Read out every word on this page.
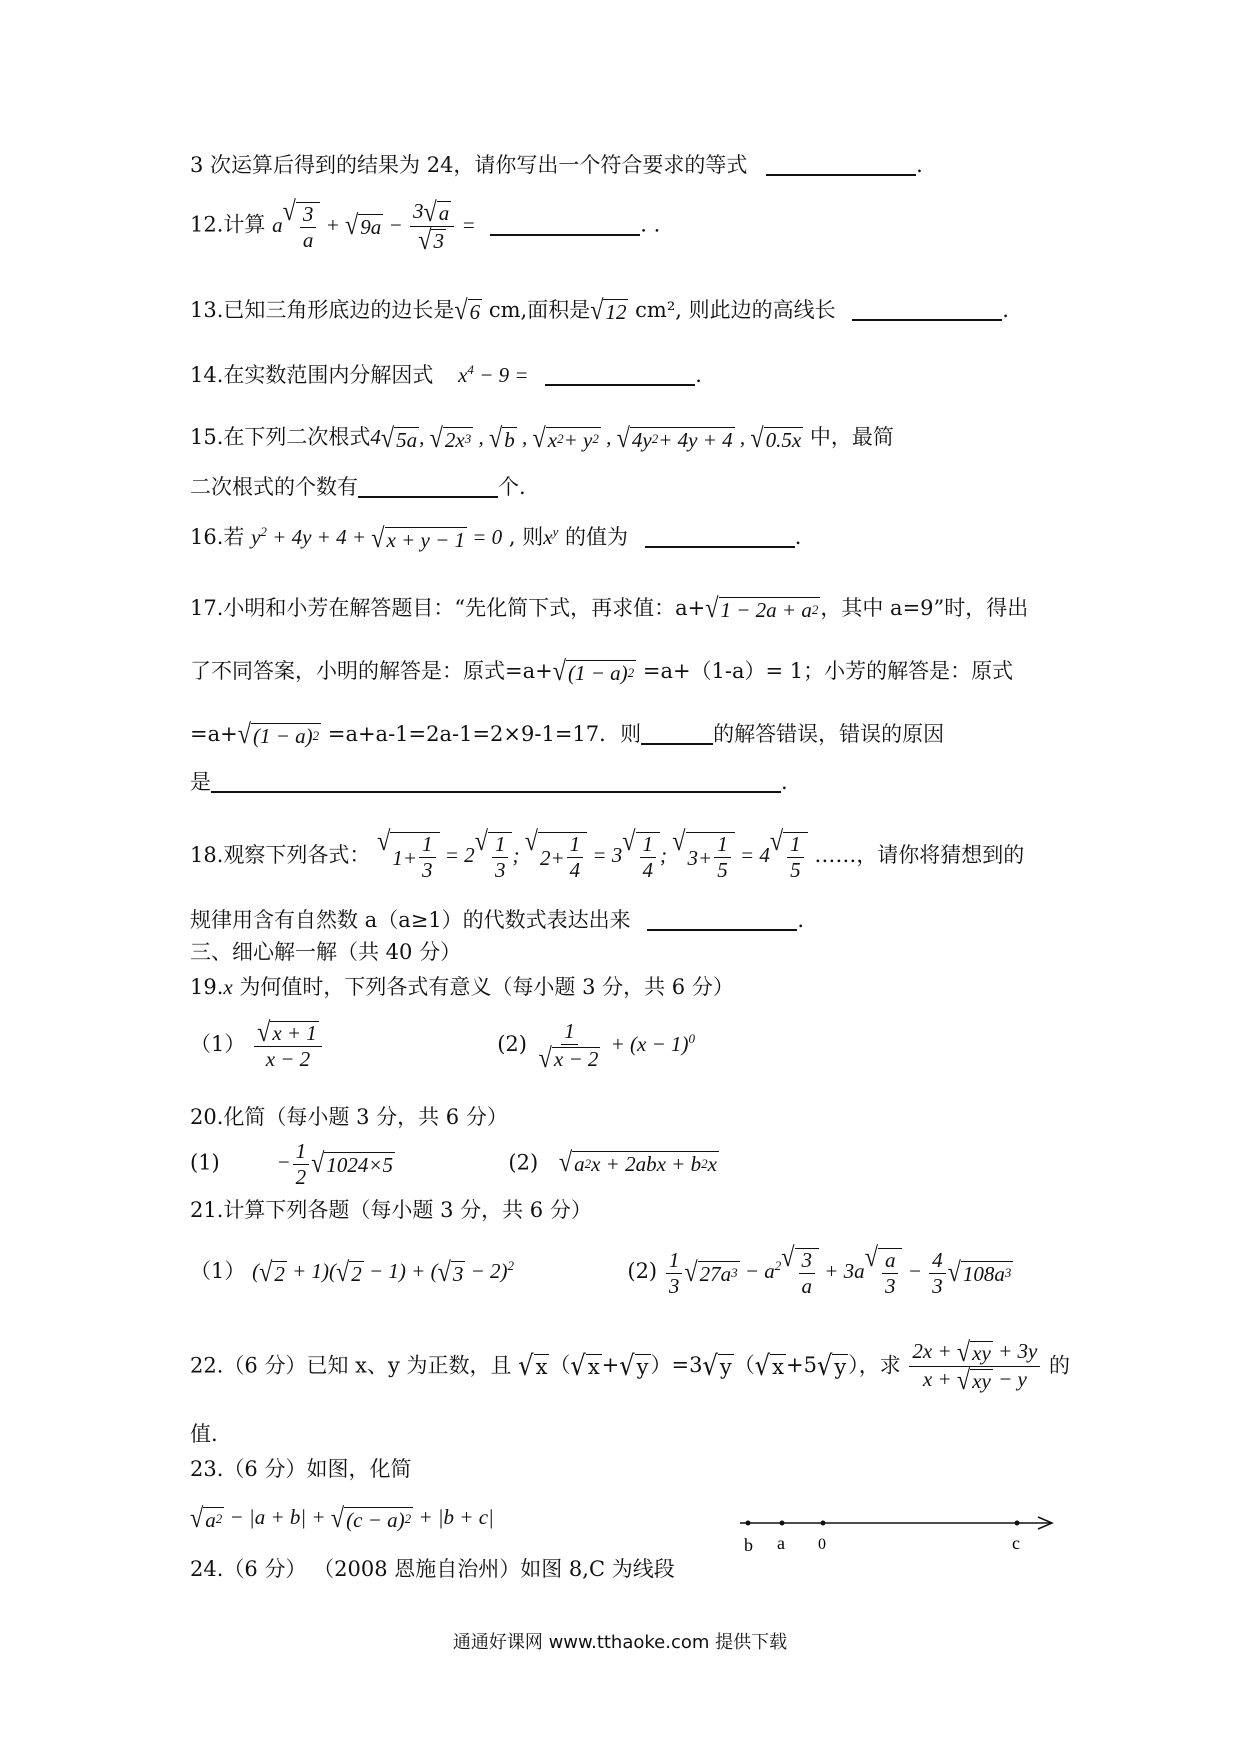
3 次运算后得到的结果为 24，请你写出一个符合要求的等式	.
12.计算 a √ $\frac{3}{a}$ + √ $9a - \frac{3 √ a}{√ 3}$ =	. .
13.已知三角形底边的边长是 √ 6 cm,面积是 √ 12 cm², 则此边的高线长	.
14.在实数范围内分解因式 $x^4 - 9$ =	.
15.在下列二次根式4 √ 5a , √ 2x 3 , √ b , √ x 2 + y 2 , √ 4y 2 + 4y + 4 , √ 0.5x 中，最简
二次根式的个数有	个.
16.若 $y^2 + 4y + 4$ + √ x + y − 1 = 0 , 则$x^y$ 的值为	.
17.小明和小芳在解答题目：“先化简下式，再求值：a+ √ 1 − 2a + a 2 ，其中 a=9”时，得出
了不同答案，小明的解答是：原式=a+ √ (1 − a) 2 =a+（1-a）= 1；小芳的解答是：原式
=a+ √ (1 − a) 2 =a+a-1=2a-1=2×9-1=17．则	的解答错误，错误的原因
是	.
18.观察下列各式： √
$1+ \frac{1}{3} = 2$ √ $\frac{1}{3}$ ; √
$2+ \frac{1}{4} = 3$ √ $\frac{1}{4}$ ; √
$3+ \frac{1}{5} = 4$ √ $\frac{1}{5}$ ……，请你将猜想到的
规律用含有自然数 a（a≥1）的代数式表达出来	.
三、细心解一解（共 40 分）
19.x 为何值时，下列各式有意义（每小题 3 分，共 6 分）
$(1) \frac{√ x + 1}{x - 2}$	$(2) \frac{1}{√ x - 2} + (x - 1)^0$
20.化简（每小题 3 分，共 6 分）
(1)	− $\frac{1}{2}$ √ 1024×5	(2) √ a 2 x + 2abx + b 2 x
21.计算下列各题（每小题 3 分，共 6 分）
（1） ( √ 2 + 1)( √ 2 − 1) + ( √ 3 − 2)$^2$	$(2) \frac{1}{3}$ √ 27a $3 - a^2$ √ $\frac{3}{a} + 3a$ √ $\frac{a}{3} - \frac{4}{3}$ √ 108a 3
22.（6 分）已知 x、y 为正数，且 √ x （ √ x + √ y ）=3 √ y （ √ x +5 √ y ），求 $\frac{2x + √ xy + 3y}{x + √ xy - y}$ 的
值.
23.（6 分）如图，化简
√ a 2 − |a + b| + √ (c − a) 2 + |b + c|
b a 0	c
24.（6 分） （2008 恩施自治州）如图 8,C 为线段
通通好课网 www.tthaoke.com 提供下载
